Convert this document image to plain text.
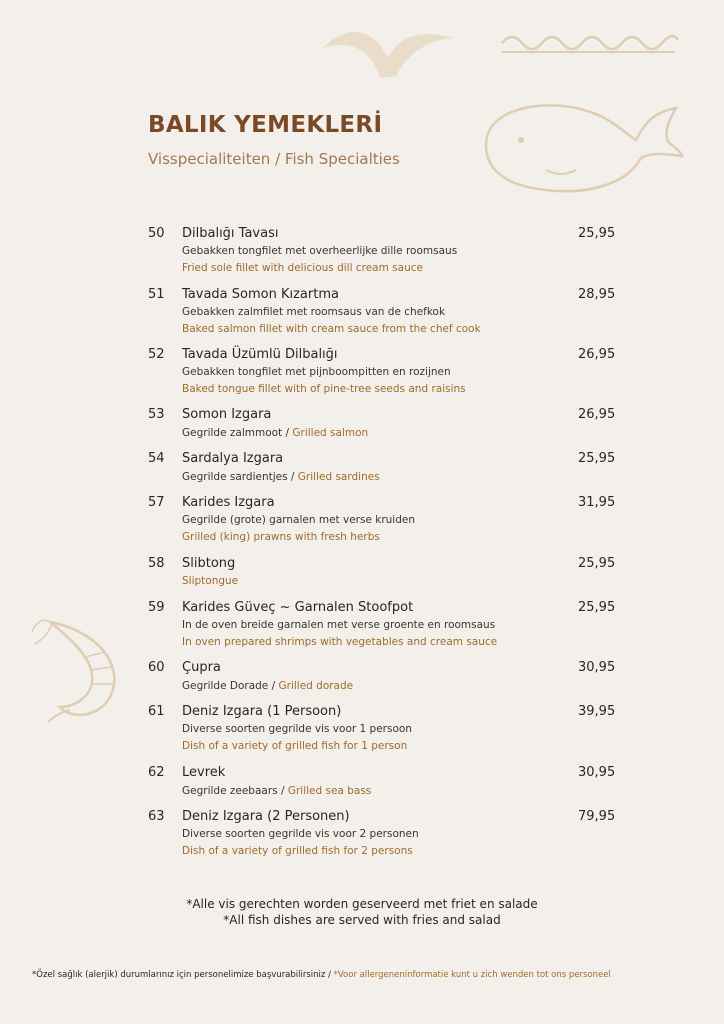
BALIK YEMEKLERİ
Visspecialiteiten / Fish Specialties
50 Dilbalığı Tavası	25,95
Gebakken tongfilet met overheerlijke dille roomsaus
Fried sole fillet with delicious dill cream sauce
51 Tavada Somon Kızartma	28,95
Gebakken zalmfilet met roomsaus van de chefkok
Baked salmon fillet with cream sauce from the chef cook
52 Tavada Üzümlü Dilbalığı	26,95
Gebakken tongfilet met pijnboompitten en rozijnen
Baked tongue fillet with of pine-tree seeds and raisins
53 Somon Izgara	26,95
Gegrilde zalmmoot / Grilled salmon
54 Sardalya Izgara	25,95
Gegrilde sardientjes / Grilled sardines
57 Karides Izgara	31,95
Gegrilde (grote) garnalen met verse kruiden
Grilled (king) prawns with fresh herbs
58 Slibtong	25,95
Sliptongue
59 Karides Güveç ~ Garnalen Stoofpot	25,95
In de oven breide garnalen met verse groente en roomsaus
In oven prepared shrimps with vegetables and cream sauce
60 Çupra	30,95
Gegrilde Dorade / Grilled dorade
61 Deniz Izgara (1 Persoon)	39,95
Diverse soorten gegrilde vis voor 1 persoon
Dish of a variety of grilled fish for 1 person
62 Levrek	30,95
Gegrilde zeebaars / Grilled sea bass
63 Deniz Izgara (2 Personen)	79,95
Diverse soorten gegrilde vis voor 2 personen
Dish of a variety of grilled fish for 2 persons
*Alle vis gerechten worden geserveerd met friet en salade
*All fish dishes are served with fries and salad
*Özel sağlık (alerjik) durumlarınız için personelimize başvurabilirsiniz / *Voor allergeneninformatie kunt u zich wenden tot ons personeel
